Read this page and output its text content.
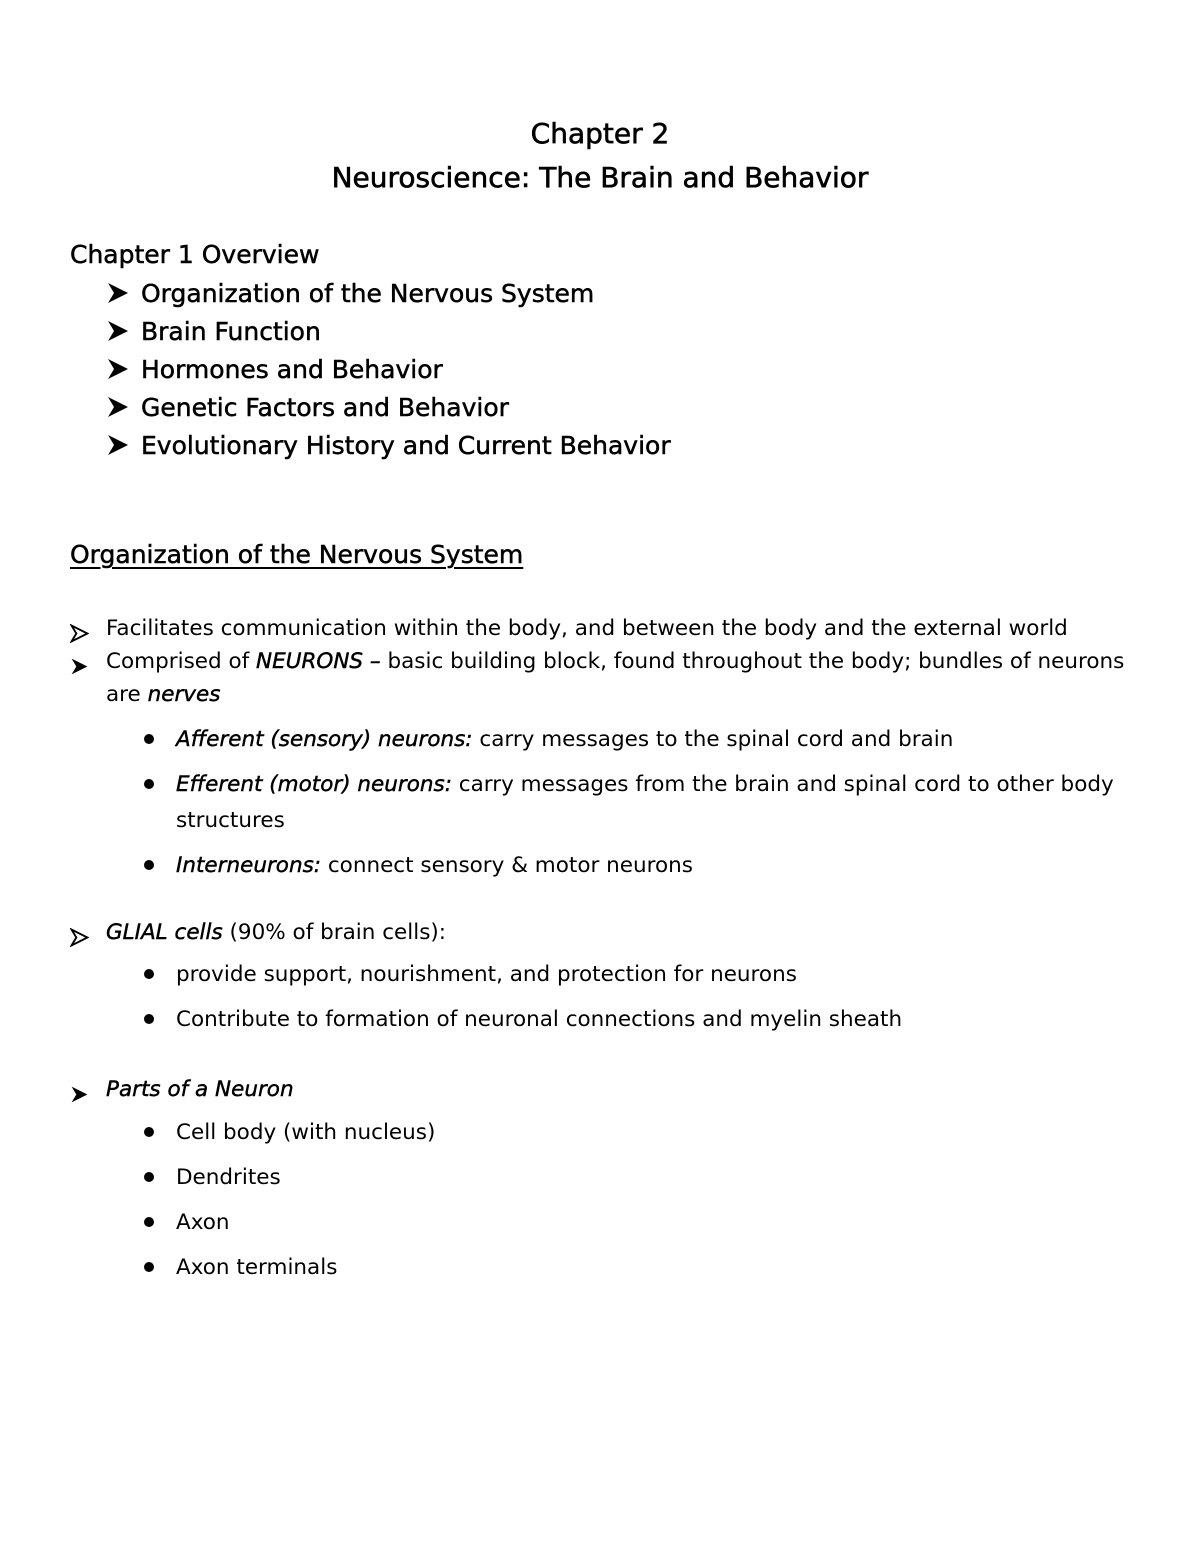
Chapter 2
Neuroscience: The Brain and Behavior
Chapter 1 Overview
Organization of the Nervous System
Brain Function
Hormones and Behavior
Genetic Factors and Behavior
Evolutionary History and Current Behavior
Organization of the Nervous System
Facilitates communication within the body, and between the body and the external world
Comprised of NEURONS – basic building block, found throughout the body; bundles of neurons are nerves
Afferent (sensory) neurons: carry messages to the spinal cord and brain
Efferent (motor) neurons: carry messages from the brain and spinal cord to other body structures
Interneurons: connect sensory & motor neurons
GLIAL cells (90% of brain cells):
provide support, nourishment, and protection for neurons
Contribute to formation of neuronal connections and myelin sheath
Parts of a Neuron
Cell body (with nucleus)
Dendrites
Axon
Axon terminals
